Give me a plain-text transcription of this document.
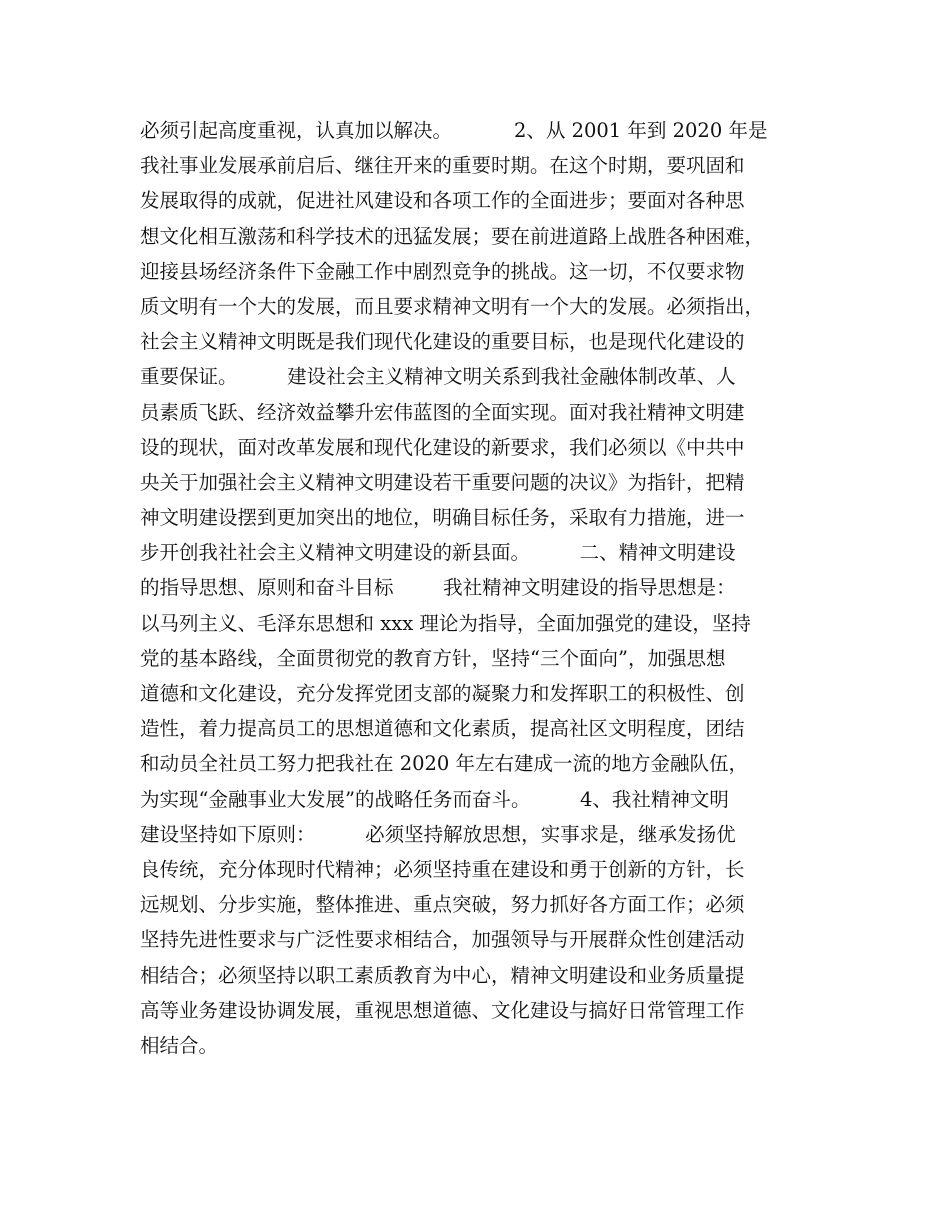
必须引起高度重视，认真加以解决。          2、从 2001 年到 2020 年是
我社事业发展承前启后、继往开来的重要时期。在这个时期，要巩固和
发展取得的成就，促进社风建设和各项工作的全面进步；要面对各种思
想文化相互激荡和科学技术的迅猛发展；要在前进道路上战胜各种困难，
迎接县场经济条件下金融工作中剧烈竞争的挑战。这一切，不仅要求物
质文明有一个大的发展，而且要求精神文明有一个大的发展。必须指出，
社会主义精神文明既是我们现代化建设的重要目标，也是现代化建设的
重要保证。        建设社会主义精神文明关系到我社金融体制改革、人
员素质飞跃、经济效益攀升宏伟蓝图的全面实现。面对我社精神文明建
设的现状，面对改革发展和现代化建设的新要求，我们必须以《中共中
央关于加强社会主义精神文明建设若干重要问题的决议》为指针，把精
神文明建设摆到更加突出的地位，明确目标任务，采取有力措施，进一
步开创我社社会主义精神文明建设的新县面。        二、精神文明建设
的指导思想、原则和奋斗目标        我社精神文明建设的指导思想是：
以马列主义、毛泽东思想和 xxx 理论为指导，全面加强党的建设，坚持
党的基本路线，全面贯彻党的教育方针，坚持“三个面向”，加强思想
道德和文化建设，充分发挥党团支部的凝聚力和发挥职工的积极性、创
造性，着力提高员工的思想道德和文化素质，提高社区文明程度，团结
和动员全社员工努力把我社在 2020 年左右建成一流的地方金融队伍，
为实现“金融事业大发展”的战略任务而奋斗。        4、我社精神文明
建设坚持如下原则：        必须坚持解放思想，实事求是，继承发扬优
良传统，充分体现时代精神；必须坚持重在建设和勇于创新的方针，长
远规划、分步实施，整体推进、重点突破，努力抓好各方面工作；必须
坚持先进性要求与广泛性要求相结合，加强领导与开展群众性创建活动
相结合；必须坚持以职工素质教育为中心，精神文明建设和业务质量提
高等业务建设协调发展，重视思想道德、文化建设与搞好日常管理工作
相结合。
